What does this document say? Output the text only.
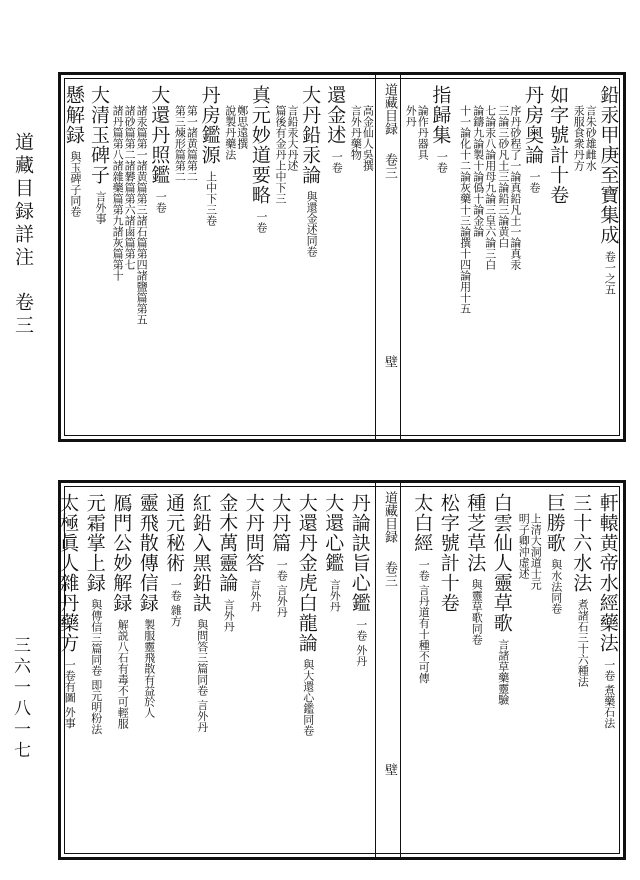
道藏目録詳注
卷三
三六一八一七
道藏目録
卷三
壁
鉛汞甲庚至寶集成
卷一之五
言朱砂雄雌水
汞服食衆丹方
如字號計十卷
丹房奥論
一卷
序丹砂程了一論真鉛凡土一論真汞
三論三砂凡土三論鉛三論黄白
七論汞八論用母九論三皇六論三白
論鑄九論製十論僞十論金論
十一論化十二論灰藥十三論撰十四論用十五
指歸集
一卷
論作丹器具
外丹
高金仙人吳撰
言外丹藥物
還金述
一卷
大丹鉛汞論
與還金述同卷
言鉛汞大丹述
篇後有金丹上中下三
真元妙道要略
一卷
鄭思遠撰
說製丹藥法
丹房鑑源
上中下三卷
第一諸黄篇第二
第三煉形篇第二
大還丹照鑑
一卷
諸汞篇第一諸黄篇第三諸石篇第四諸鹽篇第五
諸砂篇第二諸礬篇第六諸鹵篇第七
諸丹篇第八諸雜藥篇第九諸灰篇第十
大清玉碑子
言外事
懸解録
與玉碑子同卷
道藏目録
卷三
壁
軒轅黄帝水經藥法
一卷 煮藥石法
三十六水法
煮諸石三十六種法
巨勝歌
與水法同卷
上清大洞道士元
明子卿沖虚述
白雲仙人靈草歌
言諸草藥靈驗
種芝草法
與靈草歌同卷
松字號計十卷
太白經
一卷 言丹道有十種不可傳
丹論訣旨心鑑
一卷 外丹
大還心鑑
言外丹
大還丹金虎白龍論
與大還心鑑同卷
大丹篇
一卷 言外丹
大丹問答
言外丹
金木萬靈論
言外丹
紅鉛入黑鉛訣
與問答三篇同卷 言外丹
通元秘術
一卷 雜方
靈飛散傳信録
製服靈飛散有益於人
鴈門公妙解録
解説八石有毒不可輕服
元霜掌上録
與傳信三篇同卷 即元明粉法
太極眞人雜丹藥方
一卷有圖 外事
